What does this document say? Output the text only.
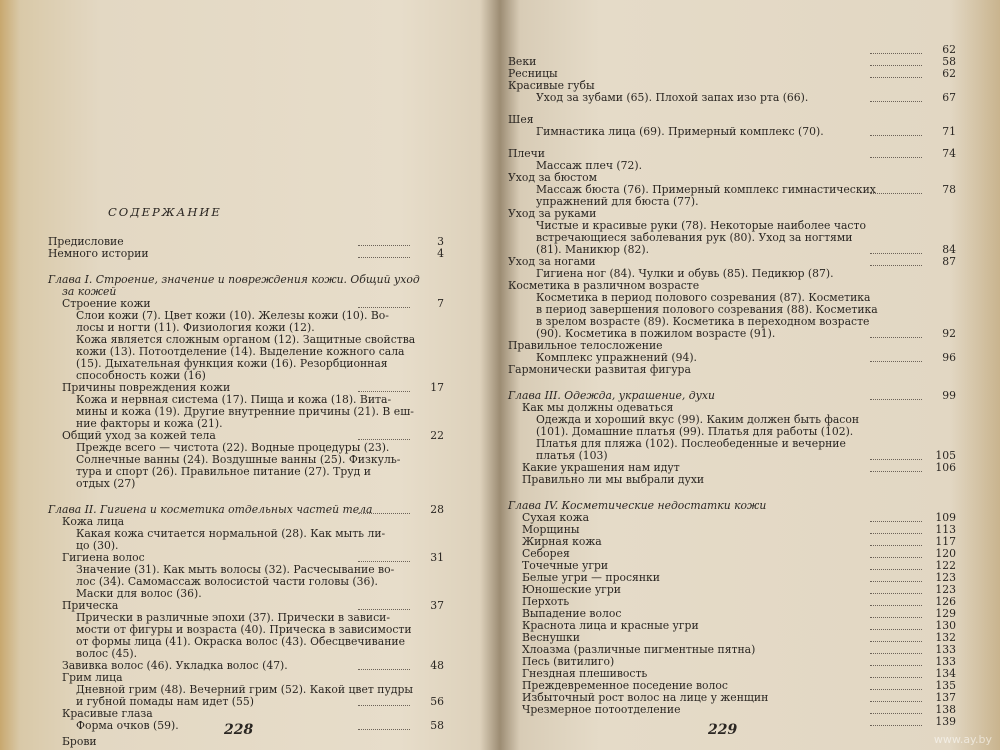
СОДЕРЖАНИЕ
Предисловие	3
Немного истории	4
Глава I. Строение, значение и повреждения кожи. Общий уход
за кожей
Строение кожи	7
Слои кожи (7). Цвет кожи (10). Железы кожи (10). Во-
лосы и ногти (11). Физиология кожи (12).
Кожа является сложным органом (12). Защитные свойства
кожи (13). Потоотделение (14). Выделение кожного сала
(15). Дыхательная функция кожи (16). Резорбционная
способность кожи (16)
Причины повреждения кожи	17
Кожа и нервная система (17). Пища и кожа (18). Вита-
мины и кожа (19). Другие внутренние причины (21). В еш-
ние факторы и кожа (21).
Общий уход за кожей тела	22
Прежде всего — чистота (22). Водные процедуры (23).
Солнечные ванны (24). Воздушные ванны (25). Физкуль-
тура и спорт (26). Правильное питание (27). Труд и
отдых (27)
Глава II. Гигиена и косметика отдельных частей тела	28
Кожа лица
Какая кожа считается нормальной (28). Как мыть ли-
цо (30).
Гигиена волос	31
Значение (31). Как мыть волосы (32). Расчесывание во-
лос (34). Самомассаж волосистой части головы (36).
Маски для волос (36).
Прическа	37
Прически в различные эпохи (37). Прически в зависи-
мости от фигуры и возраста (40). Прическа в зависимости
от формы лица (41). Окраска волос (43). Обесцвечивание
волос (45).
Завивка волос (46). Укладка волос (47).	48
Грим лица
Дневной грим (48). Вечерний грим (52). Какой цвет пудры
и губной помады нам идет (55)	56
Красивые глаза
Форма очков (59).	58
Брови
228
62
Веки	58
Ресницы	62
Красивые губы
Уход за зубами (65). Плохой запах изо рта (66).	67
Шея
Гимнастика лица (69). Примерный комплекс (70).	71
Плечи	74
Массаж плеч (72).
Уход за бюстом
Массаж бюста (76). Примерный комплекс гимнастических	78
упражнений для бюста (77).
Уход за руками
Чистые и красивые руки (78). Некоторые наиболее часто
встречающиеся заболевания рук (80). Уход за ногтями
(81). Маникюр (82).	84
Уход за ногами	87
Гигиена ног (84). Чулки и обувь (85). Педикюр (87).
Косметика в различном возрасте
Косметика в период полового созревания (87). Косметика
в период завершения полового созревания (88). Косметика
в зрелом возрасте (89). Косметика в переходном возрасте
(90). Косметика в пожилом возрасте (91).	92
Правильное телосложение
Комплекс упражнений (94).	96
Гармонически развитая фигура
Глава III. Одежда, украшение, духи	99
Как мы должны одеваться
Одежда и хороший вкус (99). Каким должен быть фасон
(101). Домашние платья (99). Платья для работы (102).
Платья для пляжа (102). Послеобеденные и вечерние
платья (103)	105
Какие украшения нам идут	106
Правильно ли мы выбрали духи
Глава IV. Косметические недостатки кожи
Сухая кожа	109
Морщины	113
Жирная кожа	117
Себорея	120
Точечные угри	122
Белые угри — просянки	123
Юношеские угри	123
Перхоть	126
Выпадение волос	129
Краснота лица и красные угри	130
Веснушки	132
Хлоазма (различные пигментные пятна)	133
Песь (витилиго)	133
Гнездная плешивость	134
Преждевременное поседение волос	135
Избыточный рост волос на лице у женщин	137
Чрезмерное потоотделение	138
139
229
www.ay.by
